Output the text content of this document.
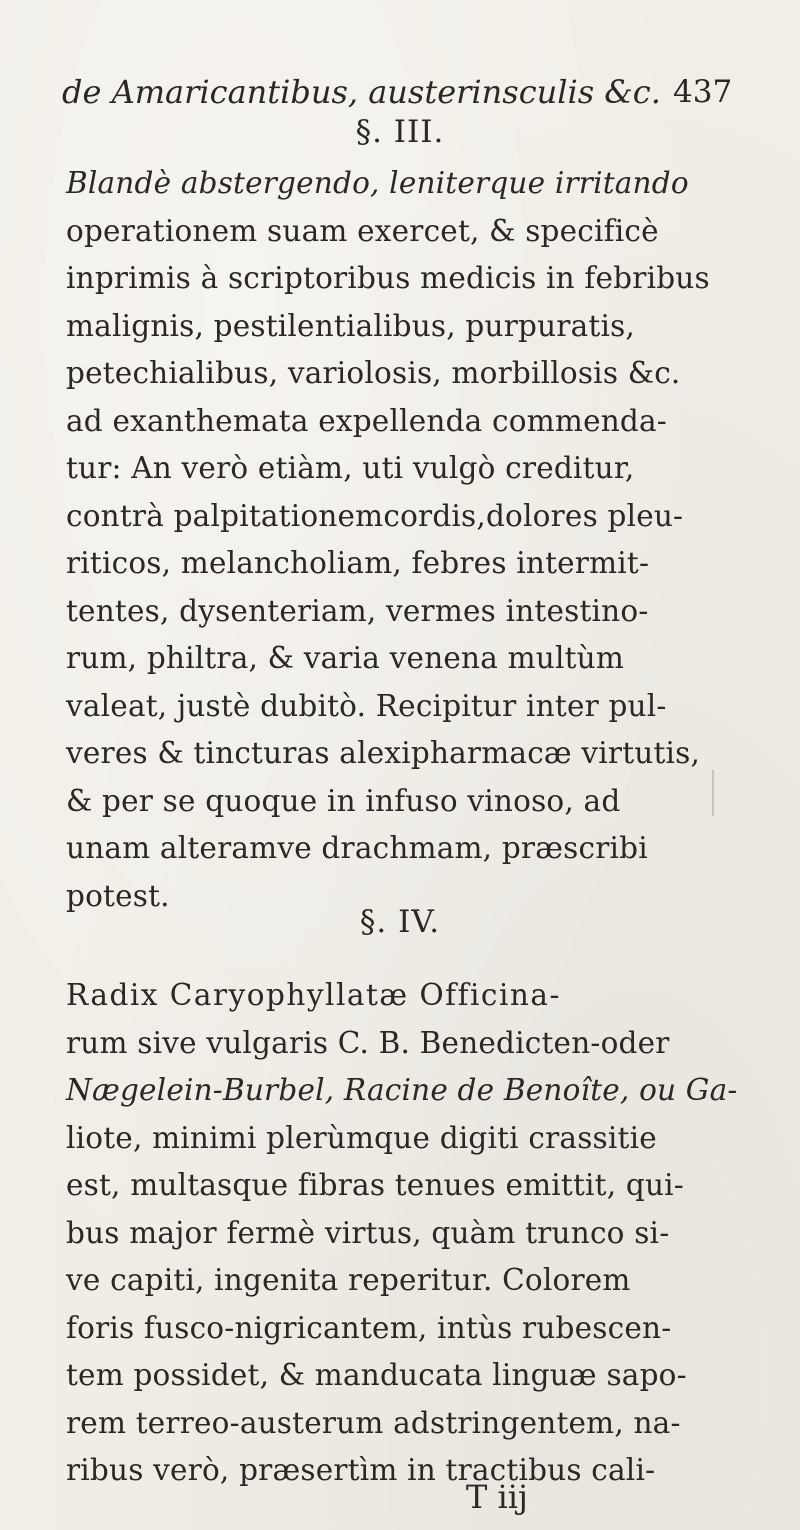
de Amaricantibus, austerinsculis &c. 437
§. III.
Blandè abstergendo, leniterque irritando
operationem suam exercet, & specificè
inprimis à scriptoribus medicis in febribus
malignis, pestilentialibus, purpuratis,
petechialibus, variolosis, morbillosis &c.
ad exanthemata expellenda commenda-
tur: An verò etiàm, uti vulgò creditur,
contrà palpitationemcordis,dolores pleu-
riticos, melancholiam, febres intermit-
tentes, dysenteriam, vermes intestino-
rum, philtra, & varia venena multùm
valeat, justè dubitò. Recipitur inter pul-
veres & tincturas alexipharmacæ virtutis,
& per se quoque in infuso vinoso, ad
unam alteramve drachmam, præscribi
potest.
§. IV.
Radix Caryophyllatæ Officina-
rum sive vulgaris C. B. Benedicten-oder
Nægelein-Burbel, Racine de Benoîte, ou Ga-
liote, minimi plerùmque digiti crassitie
est, multasque fibras tenues emittit, qui-
bus major fermè virtus, quàm trunco si-
ve capiti, ingenita reperitur. Colorem
foris fusco-nigricantem, intùs rubescen-
tem possidet, & manducata linguæ sapo-
rem terreo-austerum adstringentem, na-
ribus verò, præsertìm in tractibus cali-
T iij
